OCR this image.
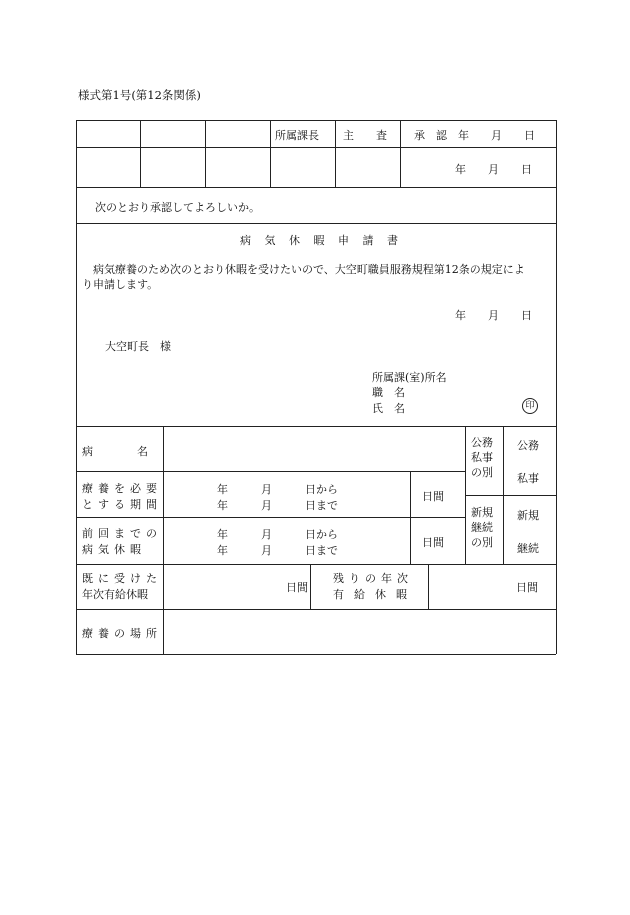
様式第1号(第12条関係)
所属課長 主　　査 承　認　年　　月　　日
年　　月　　日
次のとおり承認してよろしいか。
病 気 休 暇 申 請 書
病気療養のため次のとおり休暇を受けたいので、大空町職員服務規程第12条の規定によ
り申請します。
年　　月　　日
大空町長　様
所属課(室)所名
職　名
氏　名	印
病　　　　名
公務
私事
の別
公務
私事
療養を必要
とする期間
年　　　月　　　日から
年　　　月　　　日まで
日間
新規
継続
の別
新規
継続
前回までの
病気休暇
年　　　月　　　日から
年　　　月　　　日まで
日間
既に受けた
年次有給休暇
日間
残りの年次
有給休暇
日間
療養の場所
